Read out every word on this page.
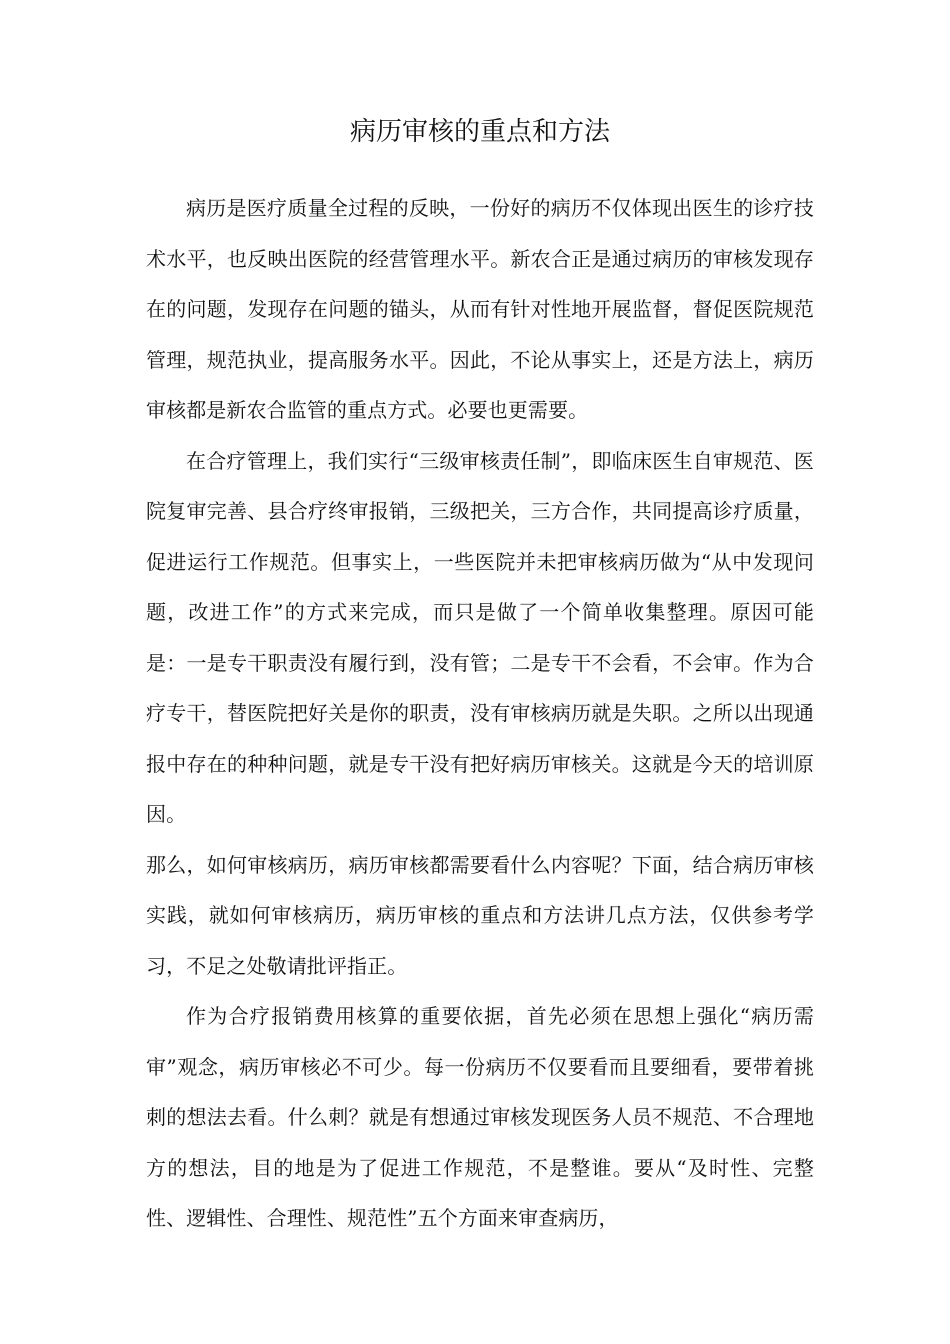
病历审核的重点和方法

病历是医疗质量全过程的反映，一份好的病历不仅体现出医生的诊疗技术水平，也反映出医院的经营管理水平。新农合正是通过病历的审核发现存在的问题，发现存在问题的锚头，从而有针对性地开展监督，督促医院规范管理，规范执业，提高服务水平。因此，不论从事实上，还是方法上，病历审核都是新农合监管的重点方式。必要也更需要。

在合疗管理上，我们实行“三级审核责任制”，即临床医生自审规范、医院复审完善、县合疗终审报销，三级把关，三方合作，共同提高诊疗质量，促进运行工作规范。但事实上，一些医院并未把审核病历做为“从中发现问题，改进工作”的方式来完成，而只是做了一个简单收集整理。原因可能是：一是专干职责没有履行到，没有管；二是专干不会看，不会审。作为合疗专干，替医院把好关是你的职责，没有审核病历就是失职。之所以出现通报中存在的种种问题，就是专干没有把好病历审核关。这就是今天的培训原因。

那么，如何审核病历，病历审核都需要看什么内容呢？下面，结合病历审核实践，就如何审核病历，病历审核的重点和方法讲几点方法，仅供参考学习，不足之处敬请批评指正。

作为合疗报销费用核算的重要依据，首先必须在思想上强化“病历需审”观念，病历审核必不可少。每一份病历不仅要看而且要细看，要带着挑刺的想法去看。什么刺？就是有想通过审核发现医务人员不规范、不合理地方的想法，目的地是为了促进工作规范，不是整谁。要从“及时性、完整性、逻辑性、合理性、规范性”五个方面来审查病历，
